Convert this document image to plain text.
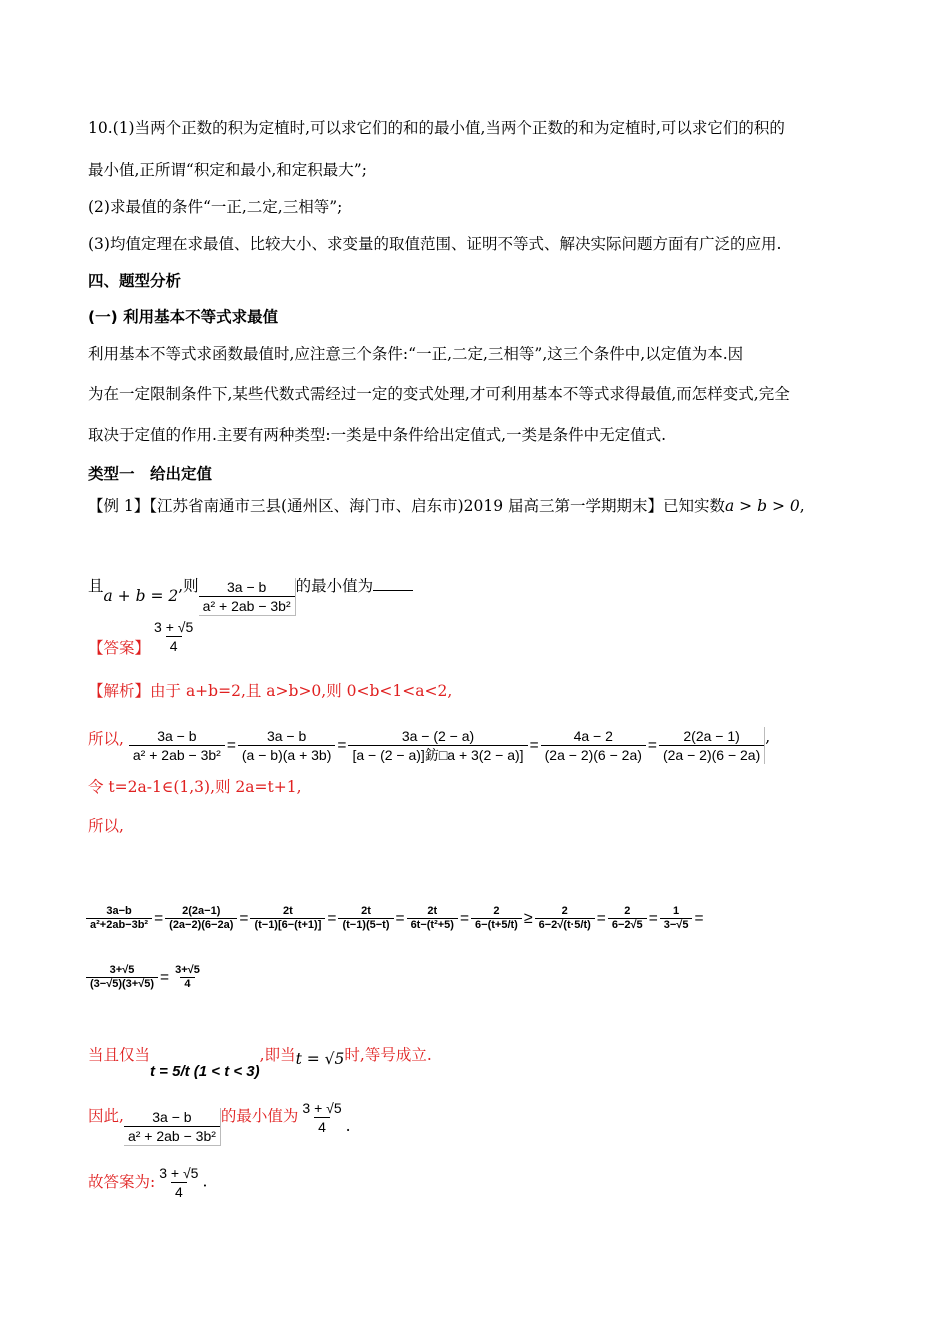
10.(1)当两个正数的积为定植时,可以求它们的和的最小值,当两个正数的和为定植时,可以求它们的积的
最小值,正所谓“积定和最小,和定积最大”;
(2)求最值的条件“一正,二定,三相等”;
(3)均值定理在求最值、比较大小、求变量的取值范围、证明不等式、解决实际问题方面有广泛的应用.
四、题型分析
(一) 利用基本不等式求最值
利用基本不等式求函数最值时,应注意三个条件:“一正,二定,三相等”,这三个条件中,以定值为本.因
为在一定限制条件下,某些代数式需经过一定的变式处理,才可利用基本不等式求得最值,而怎样变式,完全
取决于定值的作用.主要有两种类型:一类是中条件给出定值式,一类是条件中无定值式.
类型一　给出定值
【例 1】【江苏省南通市三县(通州区、海门市、启东市)2019 届高三第一学期期末】已知实数a > b > 0,
且a + b = 2,则 $\frac{3a - b}{\text{a² + 2ab − 3b²}}$ 的最小值为
【答案】 $\frac{3 + √5}{4}$
【解析】由于 a+b=2,且 a>b>0,则 0<b<1<a<2,
所以, $\frac{3a - b}{\text{a² + 2ab − 3b²}} = \frac{3a - b}{(a - b)(a + 3b)} = \frac{3a - (2 - a)}{\text{[a − (2 − a)]鈁□a + 3(2 − a)]}} = \frac{4a - 2}{(2a - 2)(6 - 2a)} = \frac{2(2a - 1)}{(2a - 2)(6 - 2a)}$ ,
令 t=2a-1∈(1,3),则 2a=t+1,
所以,
$\frac{3a-b}{\text{a²+2ab−3b²}} = \frac{2(2a-1)}{(2a-2)(6-2a)} = \frac{2t}{(t-1)[6-(t+1)]} = \frac{2t}{(t-1)(5-t)} = \frac{2t}{\text{6t−(t²+5)}} = \frac{2}{6-(t+5/t)} \ge \frac{2}{6-2√(t\cdot 5/t)} = \frac{2}{6-2√5} = \frac{1}{3-√5}$ =
$\frac{3+√5}{(3-√5)(3+√5)} = \frac{3+√5}{4}$
当且仅当t = 5/t (1 < t < 3),即当t = √5时,等号成立.
因此, $\frac{3a - b}{\text{a² + 2ab − 3b²}}$ 的最小值为 $\frac{3 + √5}{4}$ .
故答案为: $\frac{3 + √5}{4}$ .
